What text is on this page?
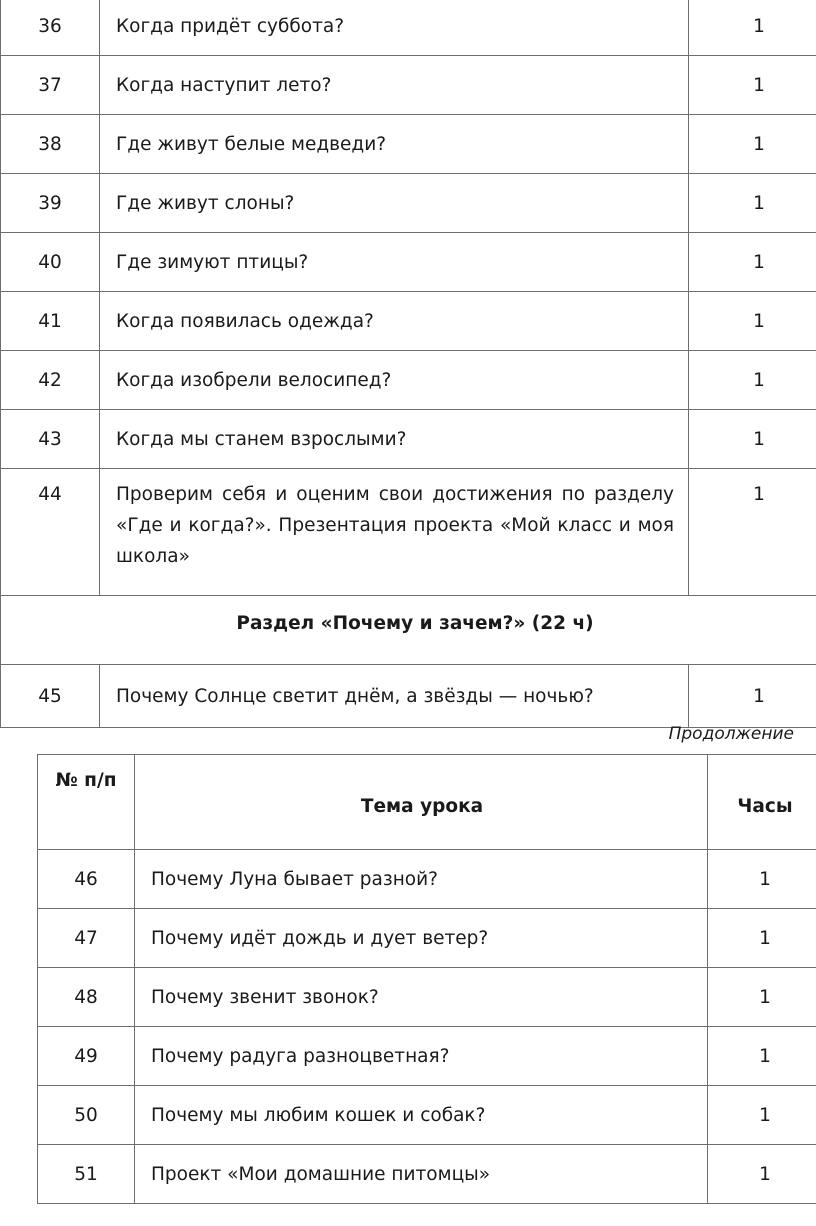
36	Когда придёт суббота?	1
37	Когда наступит лето?	1
38	Где живут белые медведи?	1
39	Где живут слоны?	1
40	Где зимуют птицы?	1
41	Когда появилась одежда?	1
42	Когда изобрели велосипед?	1
43	Когда мы станем взрослыми?	1
44	Проверим себя и оценим свои достижения по разделу «Где и когда?». Презентация проекта «Мой класс и моя школа»	1
Раздел «Почему и зачем?» (22 ч)		
45	Почему Солнце светит днём, а звёзды — ночью?	1
Продолжение
№ п/п	Тема урока	Часы
46	Почему Луна бывает разной?	1
47	Почему идёт дождь и дует ветер?	1
48	Почему звенит звонок?	1
49	Почему радуга разноцветная?	1
50	Почему мы любим кошек и собак?	1
51	Проект «Мои домашние питомцы»	1
